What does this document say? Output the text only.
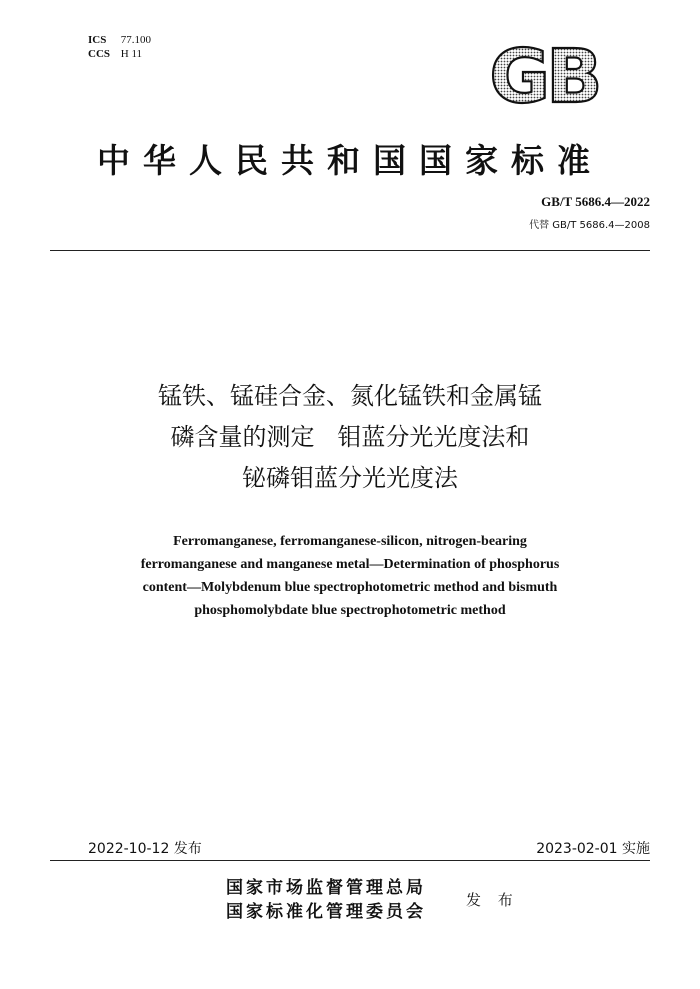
ICS 77.100
CCS H 11	GB
中华人民共和国国家标准
GB/T 5686.4—2022
代替 GB/T 5686.4—2008
锰铁、锰硅合金、氮化锰铁和金属锰
磷含量的测定   钼蓝分光光度法和
铋磷钼蓝分光光度法
Ferromanganese, ferromanganese-silicon, nitrogen-bearing
ferromanganese and manganese metal—Determination of phosphorus
content—Molybdenum blue spectrophotometric method and bismuth
phosphomolybdate blue spectrophotometric method
2022-10-12 发布	2023-02-01 实施
国家市场监督管理总局
国家标准化管理委员会
发 布
